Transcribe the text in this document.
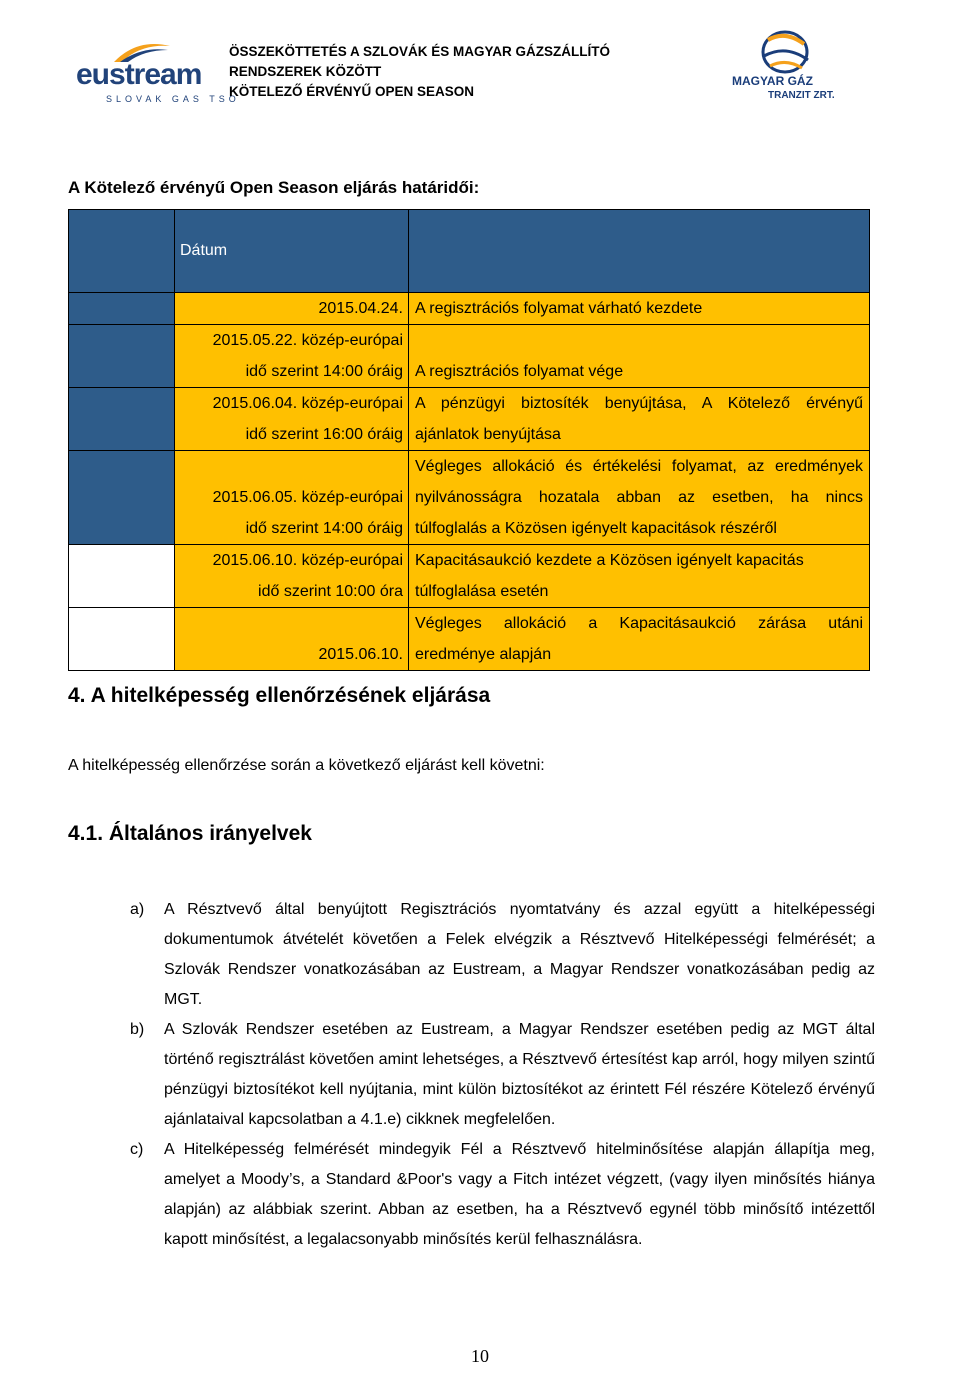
eustream
SLOVAK GAS TSO
ÖSSZEKÖTTETÉS A SZLOVÁK ÉS MAGYAR GÁZSZÁLLÍTÓ
RENDSZEREK KÖZÖTT
KÖTELEZŐ ÉRVÉNYŰ OPEN SEASON
MAGYAR GÁZ
TRANZIT ZRT.
A Kötelező érvényű Open Season eljárás határidői:
	Dátum	

	2015.04.24.	A regisztrációs folyamat várható kezdete

	2015.05.22. közép-európai
idő szerint 14:00 óráig	A regisztrációs folyamat vége

	2015.06.04. közép-európai
idő szerint 16:00 óráig	A pénzügyi biztosíték benyújtása, A Kötelező érvényű
ajánlatok benyújtása

	2015.06.05. közép-európai
idő szerint 14:00 óráig	Végleges allokáció és értékelési folyamat, az eredmények
nyilvánosságra hozatala abban az esetben, ha nincs
túlfoglalás a Közösen igényelt kapacitások részéről

	2015.06.10. közép-európai
idő szerint 10:00 óra	Kapacitásaukció kezdete a Közösen igényelt kapacitás
túlfoglalása esetén

	2015.06.10.	Végleges allokáció a Kapacitásaukció zárása utáni
eredménye alapján
4. A hitelképesség ellenőrzésének eljárása
A hitelképesség ellenőrzése során a következő eljárást kell követni:
4.1. Általános irányelvek
a) A Résztvevő által benyújtott Regisztrációs nyomtatvány és azzal együtt a hitelképességi dokumentumok átvételét követően a Felek elvégzik a Résztvevő Hitelképességi felmérését; a Szlovák Rendszer vonatkozásában az Eustream, a Magyar Rendszer vonatkozásában pedig az MGT.
b) A Szlovák Rendszer esetében az Eustream, a Magyar Rendszer esetében pedig az MGT által történő regisztrálást követően amint lehetséges, a Résztvevő értesítést kap arról, hogy milyen szintű pénzügyi biztosítékot kell nyújtania, mint külön biztosítékot az érintett Fél részére Kötelező érvényű ajánlataival kapcsolatban a 4.1.e) cikknek megfelelően.
c) A Hitelképesség felmérését mindegyik Fél a Résztvevő hitelminősítése alapján állapítja meg, amelyet a Moody’s, a Standard &Poor's vagy a Fitch intézet végzett, (vagy ilyen minősítés hiánya alapján) az alábbiak szerint. Abban az esetben, ha a Résztvevő egynél több minősítő intézettől kapott minősítést, a legalacsonyabb minősítés kerül felhasználásra.
10
